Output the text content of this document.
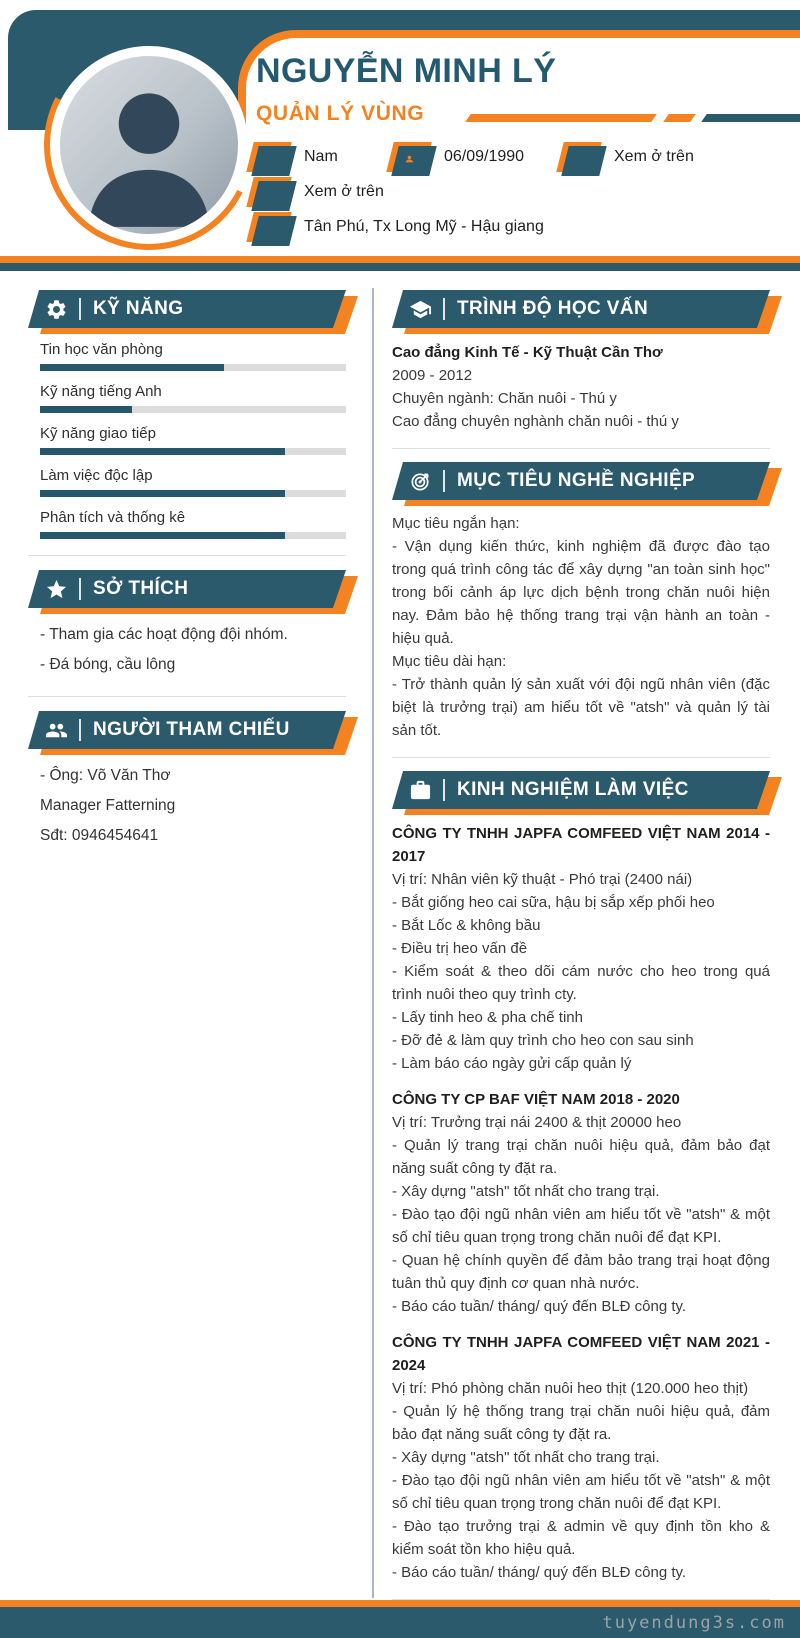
NGUYỄN MINH LÝ
QUẢN LÝ VÙNG
Nam	06/09/1990	Xem ở trên
Xem ở trên
Tân Phú, Tx Long Mỹ - Hậu giang
KỸ NĂNG
Tin học văn phòng
Kỹ năng tiếng Anh
Kỹ năng giao tiếp
Làm việc độc lập
Phân tích và thống kê
SỞ THÍCH

- Tham gia các hoạt động đội nhóm.

- Đá bóng, cầu lông

NGƯỜI THAM CHIẾU

- Ông: Võ Văn Thơ

Manager Fatterning

Sđt: 0946454641

TRÌNH ĐỘ HỌC VẤN

Cao đẳng Kinh Tế - Kỹ Thuật Cần Thơ

2009 - 2012

Chuyên ngành: Chăn nuôi - Thú y

Cao đẳng chuyên nghành chăn nuôi - thú y

MỤC TIÊU NGHỀ NGHIỆP

Mục tiêu ngắn hạn:

- Vận dụng kiến thức, kinh nghiệm đã được đào tạo trong quá trình công tác để xây dựng "an toàn sinh học" trong bối cảnh áp lực dịch bệnh trong chăn nuôi hiện nay. Đảm bảo hệ thống trang trại vận hành an toàn - hiệu quả.

Mục tiêu dài hạn:

- Trở thành quản lý sản xuất với đội ngũ nhân viên (đặc biệt là trưởng trại) am hiểu tốt về "atsh" và quản lý tài sản tốt.

KINH NGHIỆM LÀM VIỆC

CÔNG TY TNHH JAPFA COMFEED VIỆT NAM 2014 - 2017

Vị trí: Nhân viên kỹ thuật - Phó trại (2400 nái)

- Bắt giống heo cai sữa, hậu bị sắp xếp phối heo

- Bắt Lốc & không bầu

- Điều trị heo vấn đề

- Kiểm soát & theo dõi cám nước cho heo trong quá trình nuôi theo quy trình cty.

- Lấy tinh heo & pha chế tinh

- Đỡ đẻ & làm quy trình cho heo con sau sinh

- Làm báo cáo ngày gửi cấp quản lý

CÔNG TY CP BAF VIỆT NAM 2018 - 2020

Vị trí: Trưởng trại nái 2400 & thịt 20000 heo

- Quản lý trang trại chăn nuôi hiệu quả, đảm bảo đạt năng suất công ty đặt ra.

- Xây dựng "atsh" tốt nhất cho trang trại.

- Đào tạo đội ngũ nhân viên am hiểu tốt về "atsh" & một số chỉ tiêu quan trọng trong chăn nuôi để đạt KPI.

- Quan hệ chính quyền để đảm bảo trang trại hoạt động tuân thủ quy định cơ quan nhà nước.

- Báo cáo tuần/ tháng/ quý đến BLĐ công ty.

CÔNG TY TNHH JAPFA COMFEED VIỆT NAM 2021 - 2024

Vị trí: Phó phòng chăn nuôi heo thịt (120.000 heo thịt)

- Quản lý hệ thống trang trại chăn nuôi hiệu quả, đảm bảo đạt năng suất công ty đặt ra.

- Xây dựng "atsh" tốt nhất cho trang trại.

- Đào tạo đội ngũ nhân viên am hiểu tốt về "atsh" & một số chỉ tiêu quan trọng trong chăn nuôi để đạt KPI.

- Đào tạo trưởng trại & admin về quy định tồn kho & kiểm soát tồn kho hiệu quả.

- Báo cáo tuần/ tháng/ quý đến BLĐ công ty.

tuyendung3s.com
